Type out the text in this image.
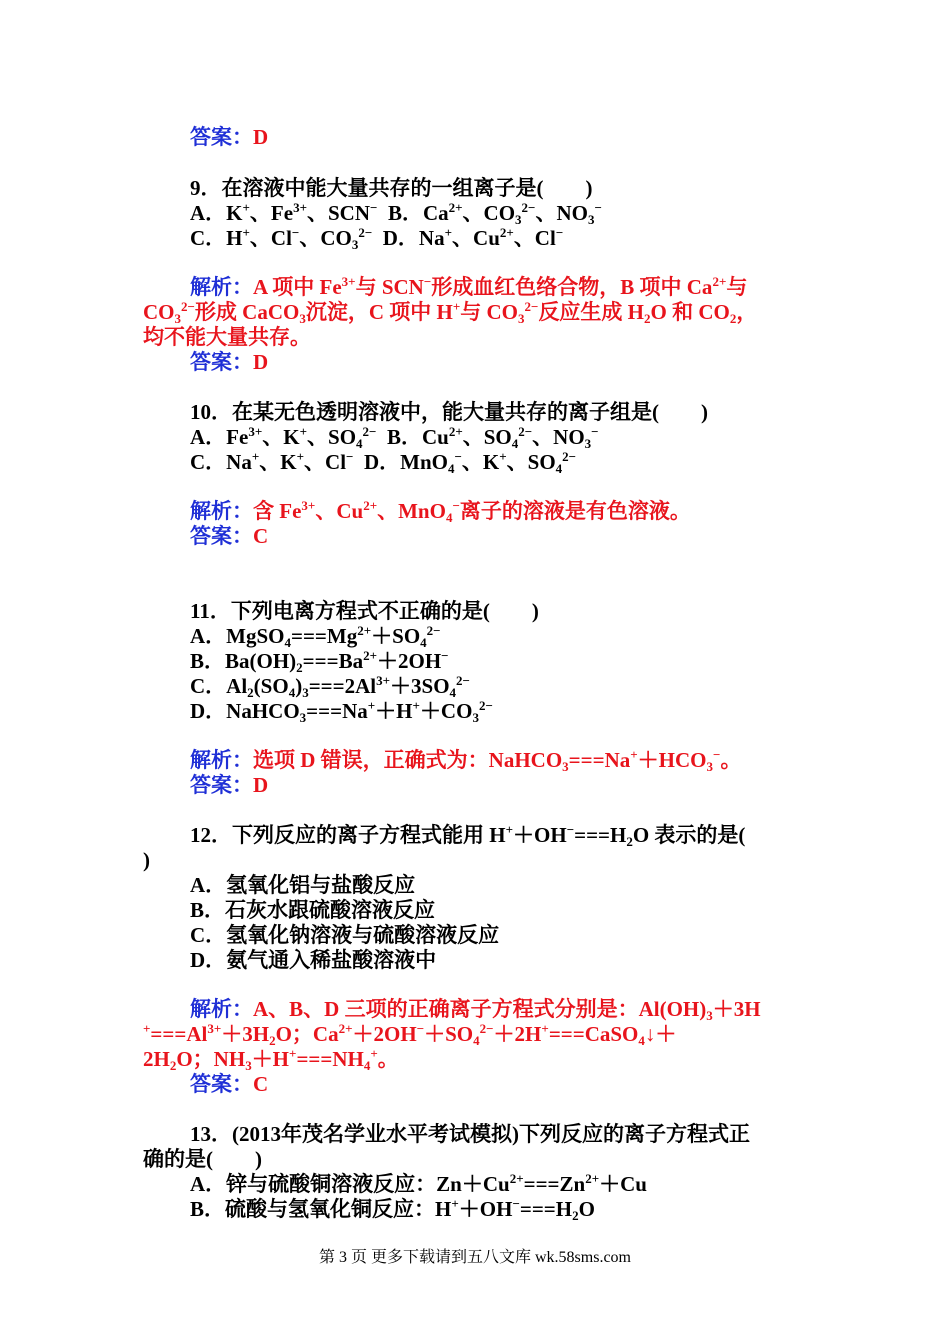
答案：D
9．在溶液中能大量共存的一组离子是(　　)
A．K+、$Fe^{3+}$、SCN− B．$Ca^{2+}$、$CO_3^{2-}$、$NO_3^-$
C．H+、Cl−、$CO_3^{2-}$ D．Na+、$Cu^{2+}$、Cl−
解析：A 项中 $Fe^{3+}$与 SCN−形成血红色络合物，B 项中 $Ca^{2+}$与
$CO_3^{2-}$形成 CaCO$_3$沉淀，C 项中 H+与 $CO_3^{2-}$反应生成 $H_2O$ 和 $CO_2$，
均不能大量共存。
答案：D
10．在某无色透明溶液中，能大量共存的离子组是(　　)
A．$Fe^{3+}$、K+、$SO_4^{2-}$  B．$Cu^{2+}$、$SO_4^{2-}$、$NO_3^-$
C．Na+、K+、Cl−  D．MnO$_4$−、K+、$SO_4^{2-}$
解析：含 $Fe^{3+}$、$Cu^{2+}$、MnO$_4$−离子的溶液是有色溶液。
答案：C
11．下列电离方程式不正确的是(　　)
A．$MgSO_4===Mg^{2+}+SO_4^{2-}$
B．$Ba(OH)_2===Ba^{2+}+2OH^-$
C．$Al_2(SO_4)_3===2Al^{3+}+3SO_4^{2-}$
D．$NaHCO_3===Na^++H^++CO_3^{2-}$
解析：选项 D 错误，正确式为：$NaHCO_3===Na^++HCO_3^-$。
答案：D
12．下列反应的离子方程式能用 $H^++OH^-===H_2O$ 表示的是(
)
A．氢氧化铝与盐酸反应
B．石灰水跟硫酸溶液反应
C．氢氧化钠溶液与硫酸溶液反应
D．氨气通入稀盐酸溶液中
解析：A、B、D 三项的正确离子方程式分别是：$Al(OH)_3+3H$
$^+===Al^{3+}+3H_2O$；$Ca^{2+}+2OH^-+SO_4^{2-}+2H^+===CaSO_4↓+$
$2H_2O$；$NH_3+H^+===NH_4^+$。
答案：C
13．(2013年茂名学业水平考试模拟)下列反应的离子方程式正
确的是(　　)
A．锌与硫酸铜溶液反应：$Zn+Cu^{2+}===Zn^{2+}+Cu$
B．硫酸与氢氧化铜反应：$H^++OH^-===H_2O$
第 3 页 更多下载请到五八文库 wk.58sms.com
